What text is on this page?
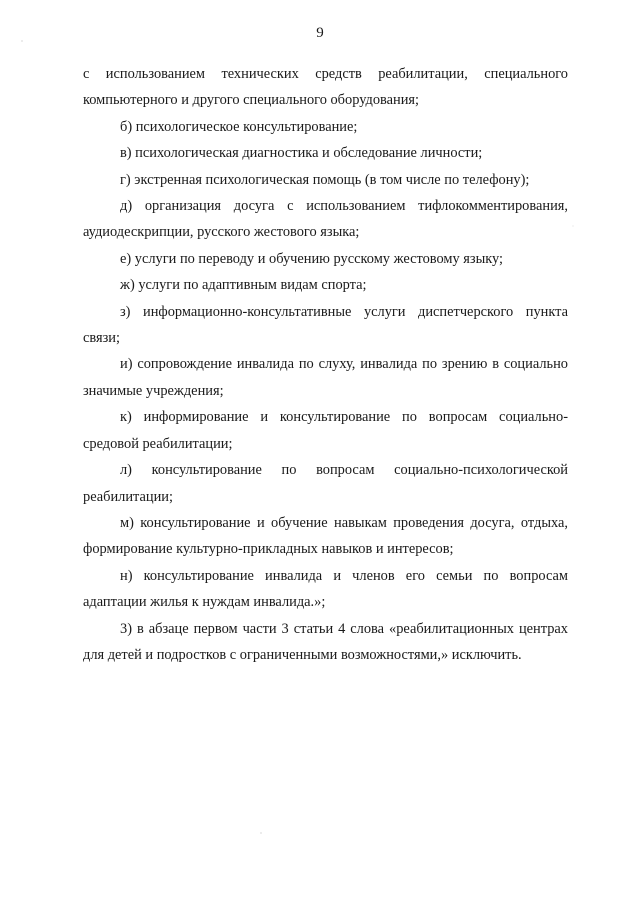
9

с использованием технических средств реабилитации, специального компьютерного и другого специального оборудования;

б) психологическое консультирование;

в) психологическая диагностика и обследование личности;

г) экстренная психологическая помощь (в том числе по телефону);

д) организация досуга с использованием тифлокомментирования, аудиодескрипции, русского жестового языка;

е) услуги по переводу и обучению русскому жестовому языку;

ж) услуги по адаптивным видам спорта;

з) информационно-консультативные услуги диспетчерского пункта связи;

и) сопровождение инвалида по слуху, инвалида по зрению в социально значимые учреждения;

к) информирование и консультирование по вопросам социально-средовой реабилитации;

л) консультирование по вопросам социально-психологической реабилитации;

м) консультирование и обучение навыкам проведения досуга, отдыха, формирование культурно-прикладных навыков и интересов;

н) консультирование инвалида и членов его семьи по вопросам адаптации жилья к нуждам инвалида.»;

3) в абзаце первом части 3 статьи 4 слова «реабилитационных центрах для детей и подростков с ограниченными возможностями,» исключить.
